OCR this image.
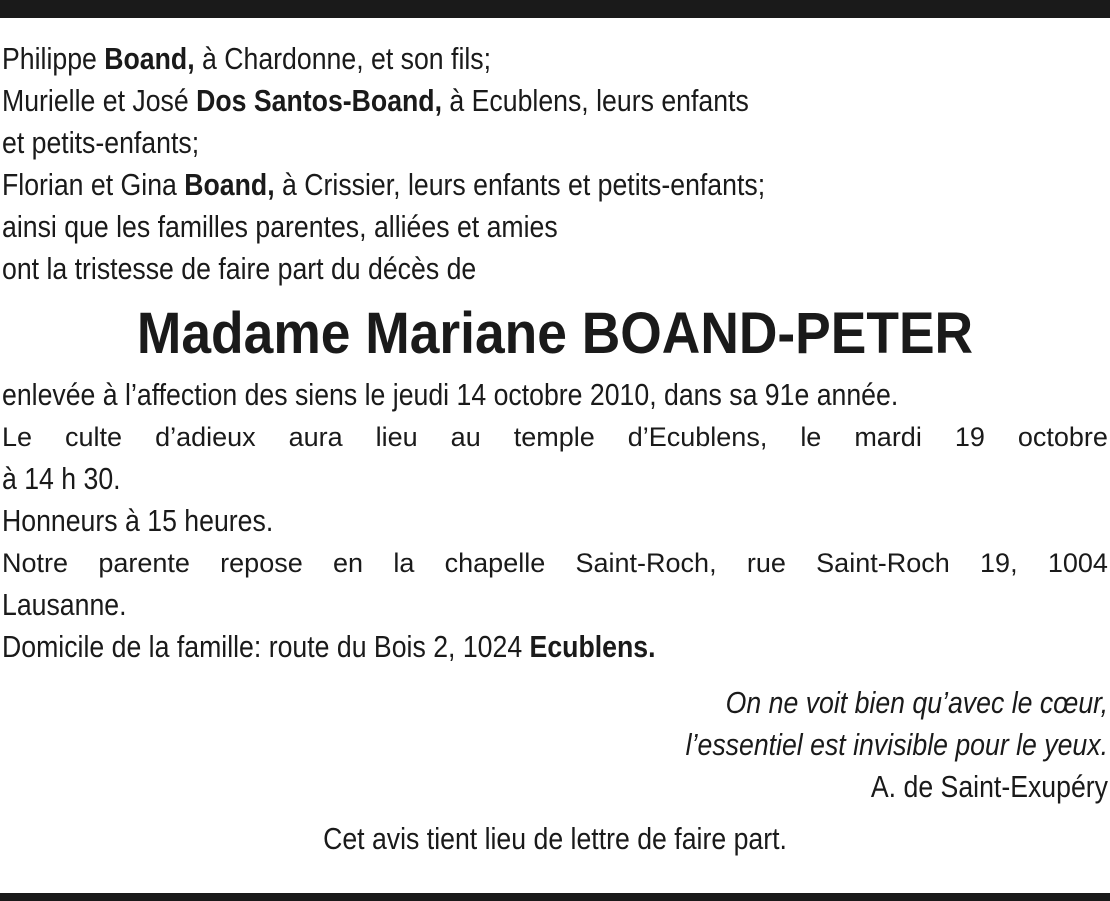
Philippe Boand, à Chardonne, et son fils;

Murielle et José Dos Santos-Boand, à Ecublens, leurs enfants

et petits-enfants;

Florian et Gina Boand, à Crissier, leurs enfants et petits-enfants;

ainsi que les familles parentes, alliées et amies

ont la tristesse de faire part du décès de

Madame Mariane BOAND-PETER

enlevée à l’affection des siens le jeudi 14 octobre 2010, dans sa 91e année.

Le culte d’adieux aura lieu au temple d’Ecublens, le mardi 19 octobre

à 14 h 30.

Honneurs à 15 heures.

Notre parente repose en la chapelle Saint-Roch, rue Saint-Roch 19, 1004

Lausanne.

Domicile de la famille: route du Bois 2, 1024 Ecublens.

On ne voit bien qu’avec le cœur,

l’essentiel est invisible pour le yeux.

A. de Saint-Exupéry

Cet avis tient lieu de lettre de faire part.
